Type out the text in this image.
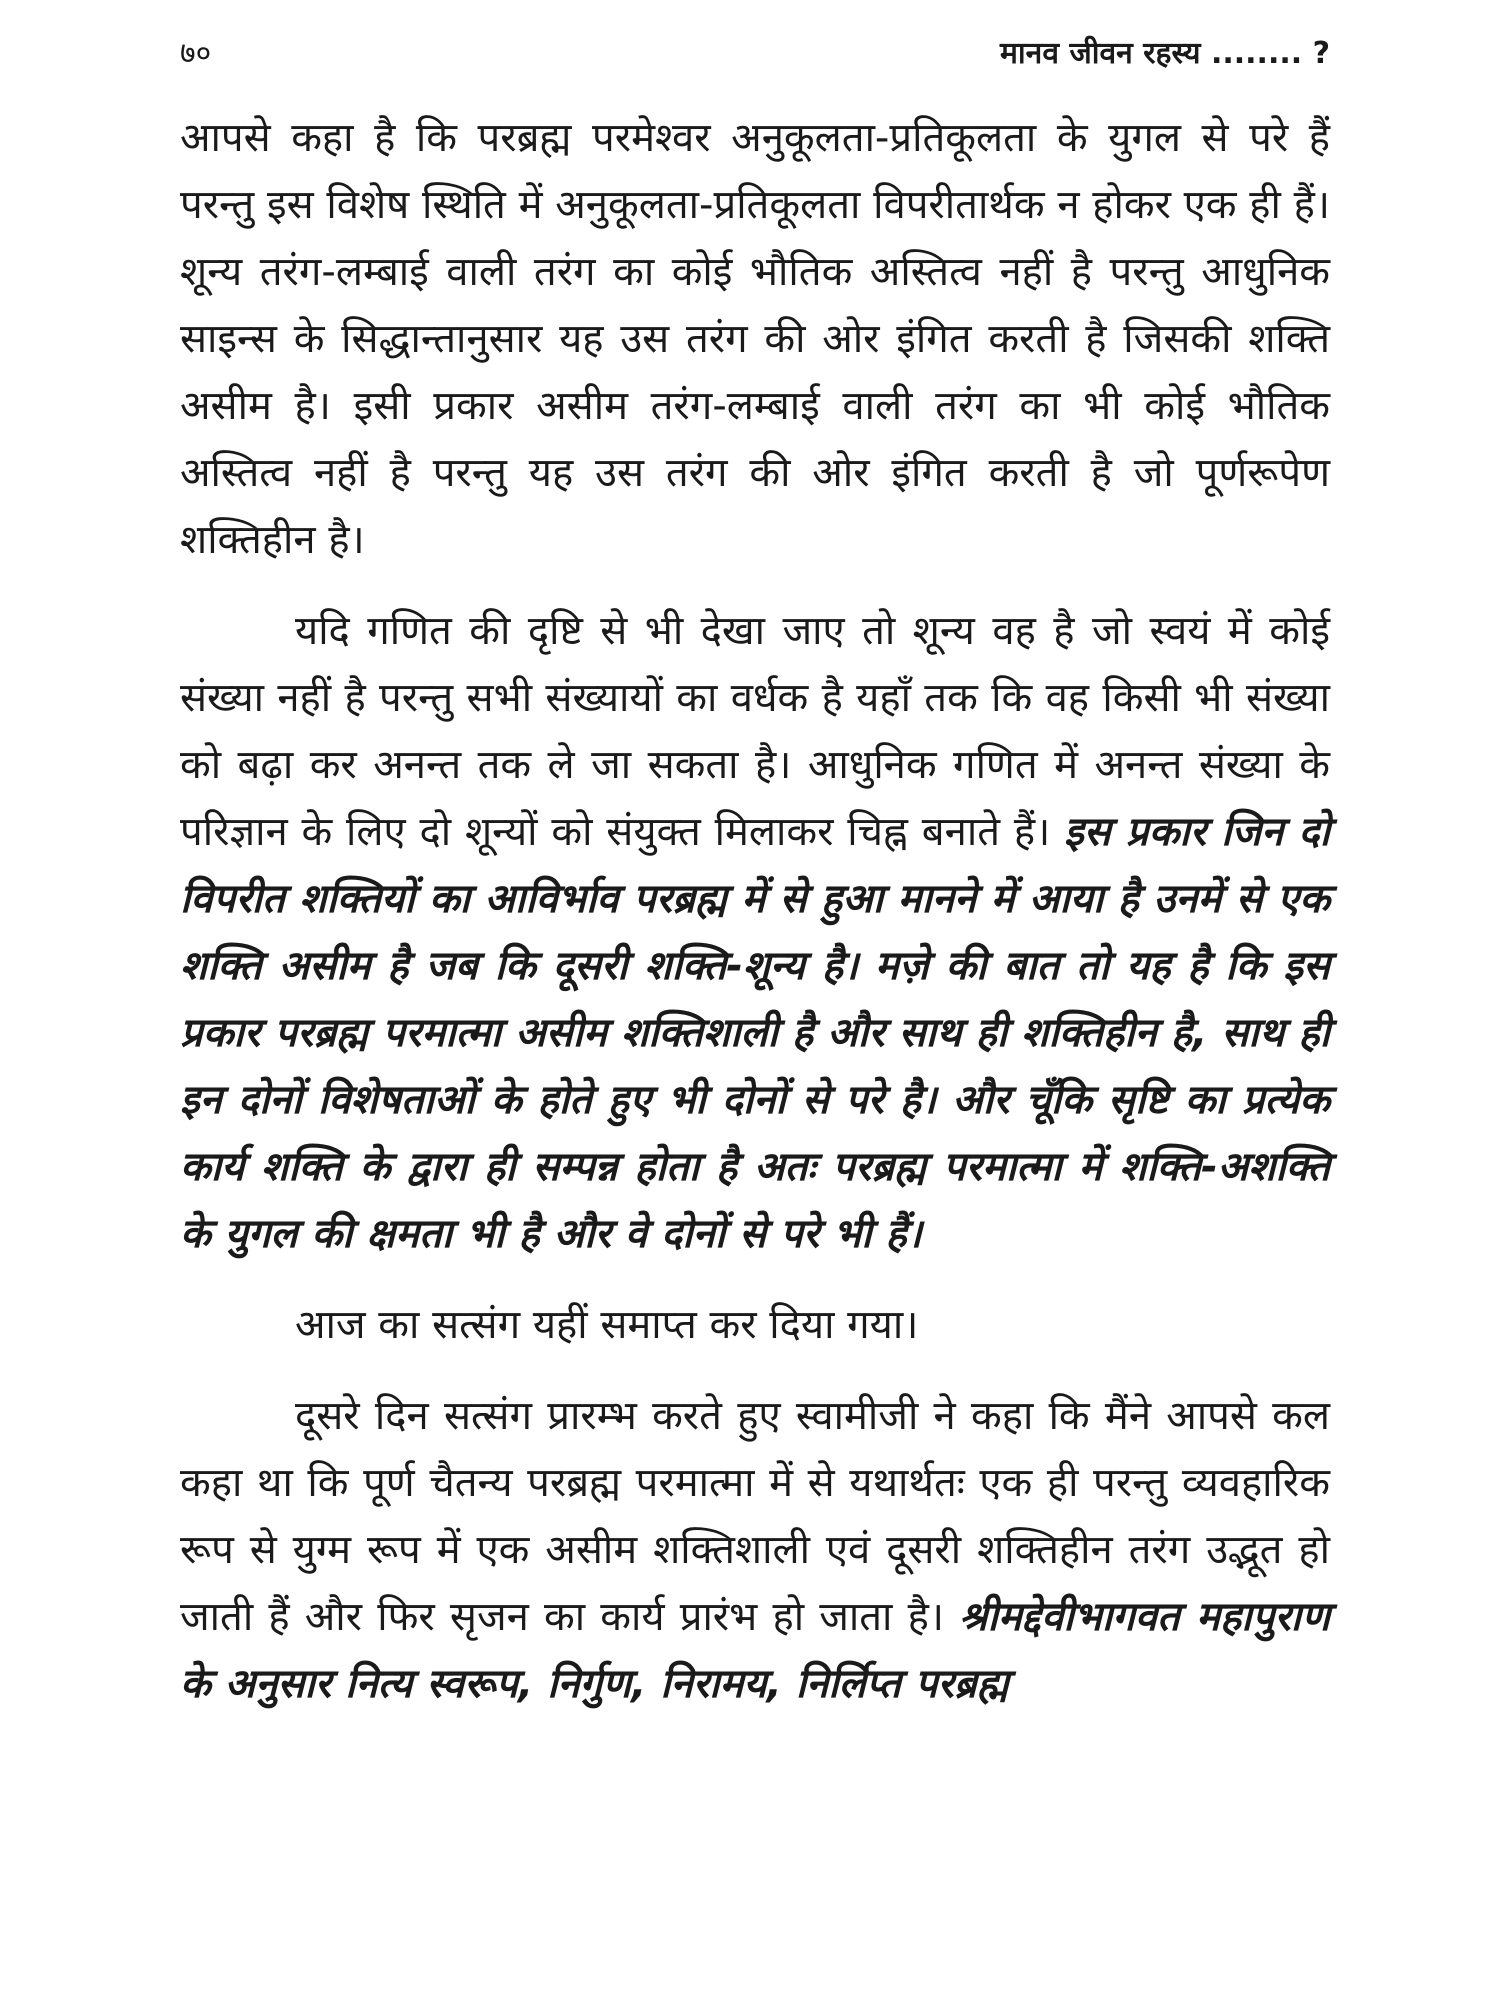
७०	मानव जीवन रहस्य ........ ?

आपसे कहा है कि परब्रह्म परमेश्वर अनुकूलता-प्रतिकूलता के युगल से परे हैं परन्तु इस विशेष स्थिति में अनुकूलता-प्रतिकूलता विपरीतार्थक न होकर एक ही हैं। शून्य तरंग-लम्बाई वाली तरंग का कोई भौतिक अस्तित्व नहीं है परन्तु आधुनिक साइन्स के सिद्धान्तानुसार यह उस तरंग की ओर इंगित करती है जिसकी शक्ति असीम है। इसी प्रकार असीम तरंग-लम्बाई वाली तरंग का भी कोई भौतिक अस्तित्व नहीं है परन्तु यह उस तरंग की ओर इंगित करती है जो पूर्णरूपेण शक्तिहीन है।

यदि गणित की दृष्टि से भी देखा जाए तो शून्य वह है जो स्वयं में कोई संख्या नहीं है परन्तु सभी संख्यायों का वर्धक है यहाँ तक कि वह किसी भी संख्या को बढ़ा कर अनन्त तक ले जा सकता है। आधुनिक गणित में अनन्त संख्या के परिज्ञान के लिए दो शून्यों को संयुक्त मिलाकर चिह्न बनाते हैं। इस प्रकार जिन दो विपरीत शक्तियों का आविर्भाव परब्रह्म में से हुआ मानने में आया है उनमें से एक शक्ति असीम है जब कि दूसरी शक्ति-शून्य है। मज़े की बात तो यह है कि इस प्रकार परब्रह्म परमात्मा असीम शक्तिशाली है और साथ ही शक्तिहीन है, साथ ही इन दोनों विशेषताओं के होते हुए भी दोनों से परे है। और चूँकि सृष्टि का प्रत्येक कार्य शक्ति के द्वारा ही सम्पन्न होता है अतः परब्रह्म परमात्मा में शक्ति-अशक्ति के युगल की क्षमता भी है और वे दोनों से परे भी हैं।

आज का सत्संग यहीं समाप्त कर दिया गया।

दूसरे दिन सत्संग प्रारम्भ करते हुए स्वामीजी ने कहा कि मैंने आपसे कल कहा था कि पूर्ण चैतन्य परब्रह्म परमात्मा में से यथार्थतः एक ही परन्तु व्यवहारिक रूप से युग्म रूप में एक असीम शक्तिशाली एवं दूसरी शक्तिहीन तरंग उद्भूत हो जाती हैं और फिर सृजन का कार्य प्रारंभ हो जाता है। श्रीमद्देवीभागवत महापुराण के अनुसार नित्य स्वरूप, निर्गुण, निरामय, निर्लिप्त परब्रह्म
